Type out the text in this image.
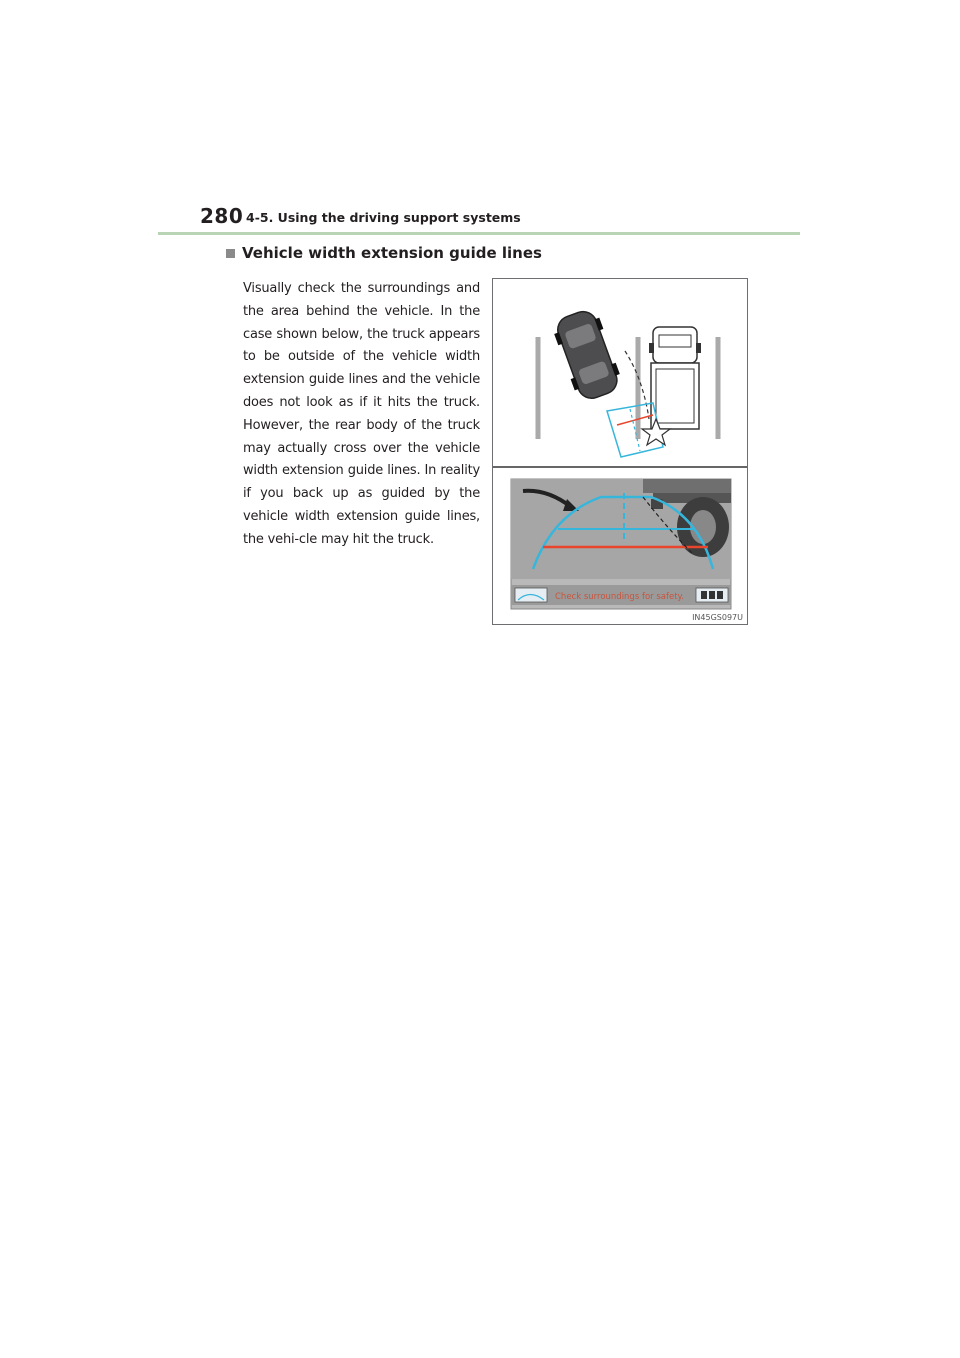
280 4-5. Using the driving support systems
Vehicle width extension guide lines

Visually check the surroundings and the area behind the vehicle. In the case shown below, the truck appears to be outside of the vehicle width extension guide lines and the vehicle does not look as if it hits the truck. However, the rear body of the truck may actually cross over the vehicle width extension guide lines. In reality if you back up as guided by the vehicle width extension guide lines, the vehi-cle may hit the truck.

Check surroundings for safety.
IN45GS097U
